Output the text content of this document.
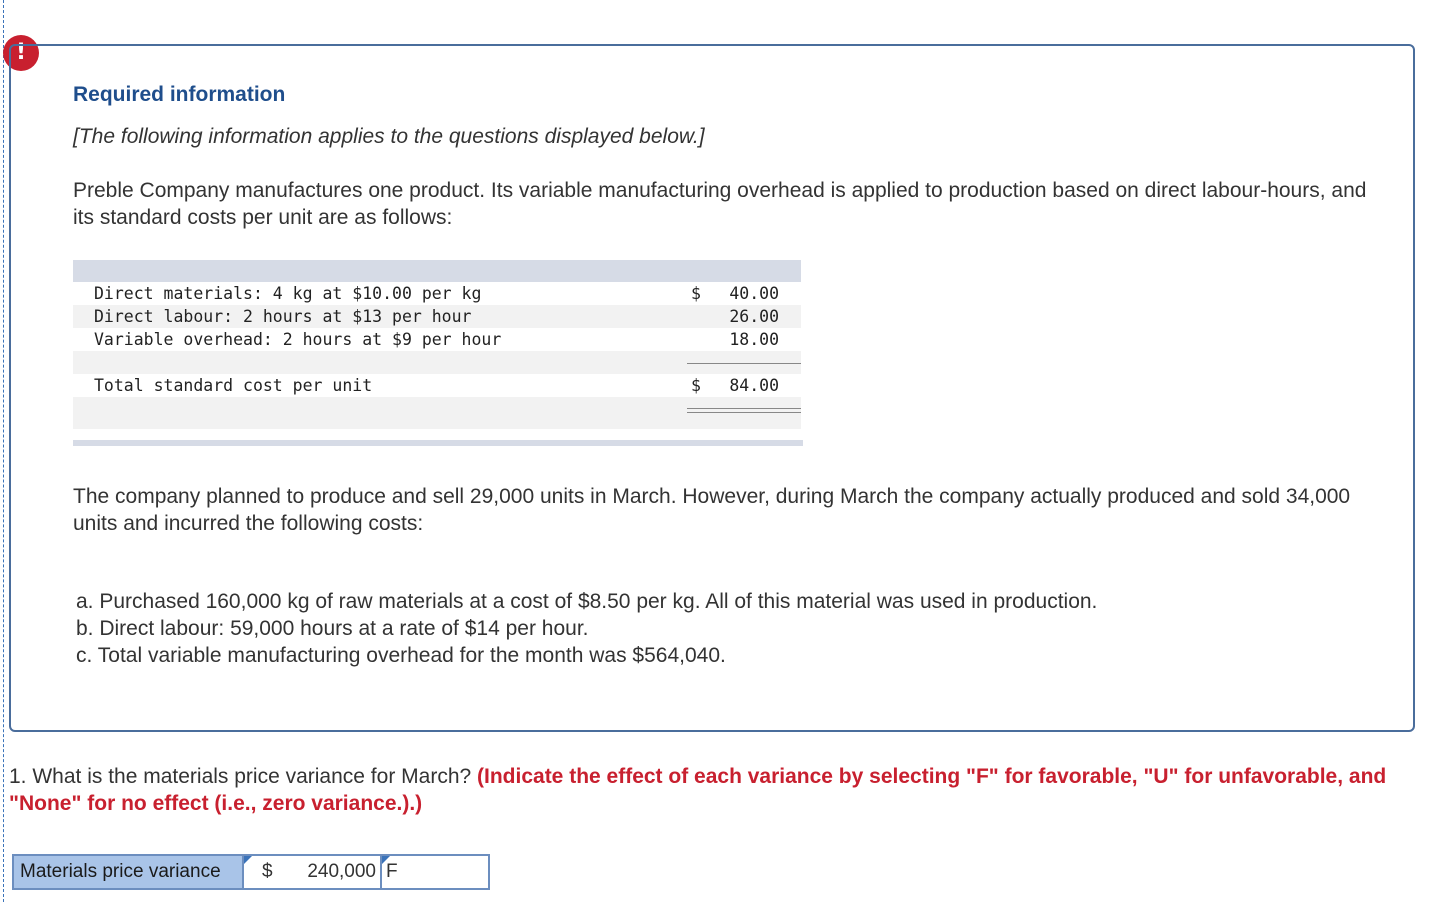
!
Required information
[The following information applies to the questions displayed below.]
Preble Company manufactures one product. Its variable manufacturing overhead is applied to production based on direct labour-hours, and its standard costs per unit are as follows:
Direct materials: 4 kg at $10.00 per kg	$ 40.00
Direct labour: 2 hours at $13 per hour	26.00
Variable overhead: 2 hours at $9 per hour	18.00
Total standard cost per unit	$ 84.00
The company planned to produce and sell 29,000 units in March. However, during March the company actually produced and sold 34,000 units and incurred the following costs:
a. Purchased 160,000 kg of raw materials at a cost of $8.50 per kg. All of this material was used in production.
b. Direct labour: 59,000 hours at a rate of $14 per hour.
c. Total variable manufacturing overhead for the month was $564,040.
1. What is the materials price variance for March? (Indicate the effect of each variance by selecting "F" for favorable, "U" for unfavorable, and "None" for no effect (i.e., zero variance.).)
Materials price variance	$ 240,000 F
